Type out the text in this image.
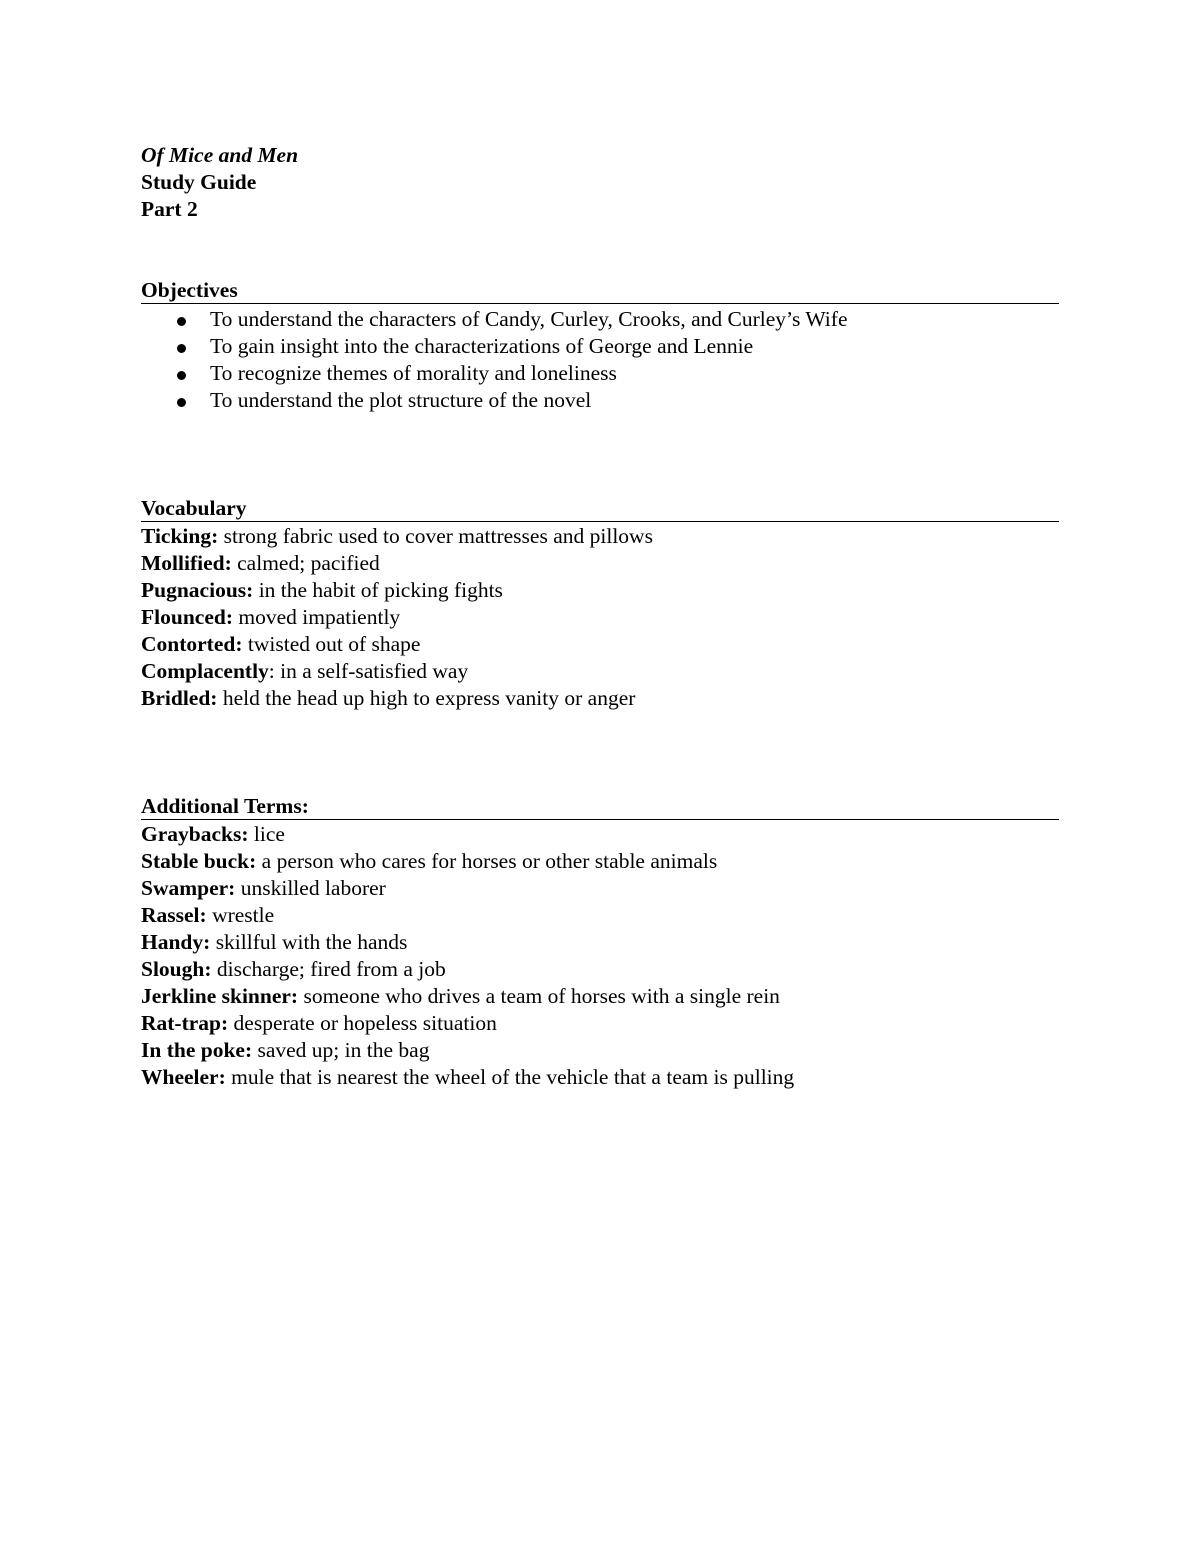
Of Mice and Men

Study Guide

Part 2

Objectives

To understand the characters of Candy, Curley, Crooks, and Curley’s Wife
To gain insight into the characterizations of George and Lennie
To recognize themes of morality and loneliness
To understand the plot structure of the novel

Vocabulary

Ticking: strong fabric used to cover mattresses and pillows

Mollified: calmed; pacified

Pugnacious: in the habit of picking fights

Flounced: moved impatiently

Contorted: twisted out of shape

Complacently: in a self-satisfied way

Bridled: held the head up high to express vanity or anger

Additional Terms:

Graybacks: lice

Stable buck: a person who cares for horses or other stable animals

Swamper: unskilled laborer

Rassel: wrestle

Handy: skillful with the hands

Slough: discharge; fired from a job

Jerkline skinner: someone who drives a team of horses with a single rein

Rat-trap: desperate or hopeless situation

In the poke: saved up; in the bag

Wheeler: mule that is nearest the wheel of the vehicle that a team is pulling
